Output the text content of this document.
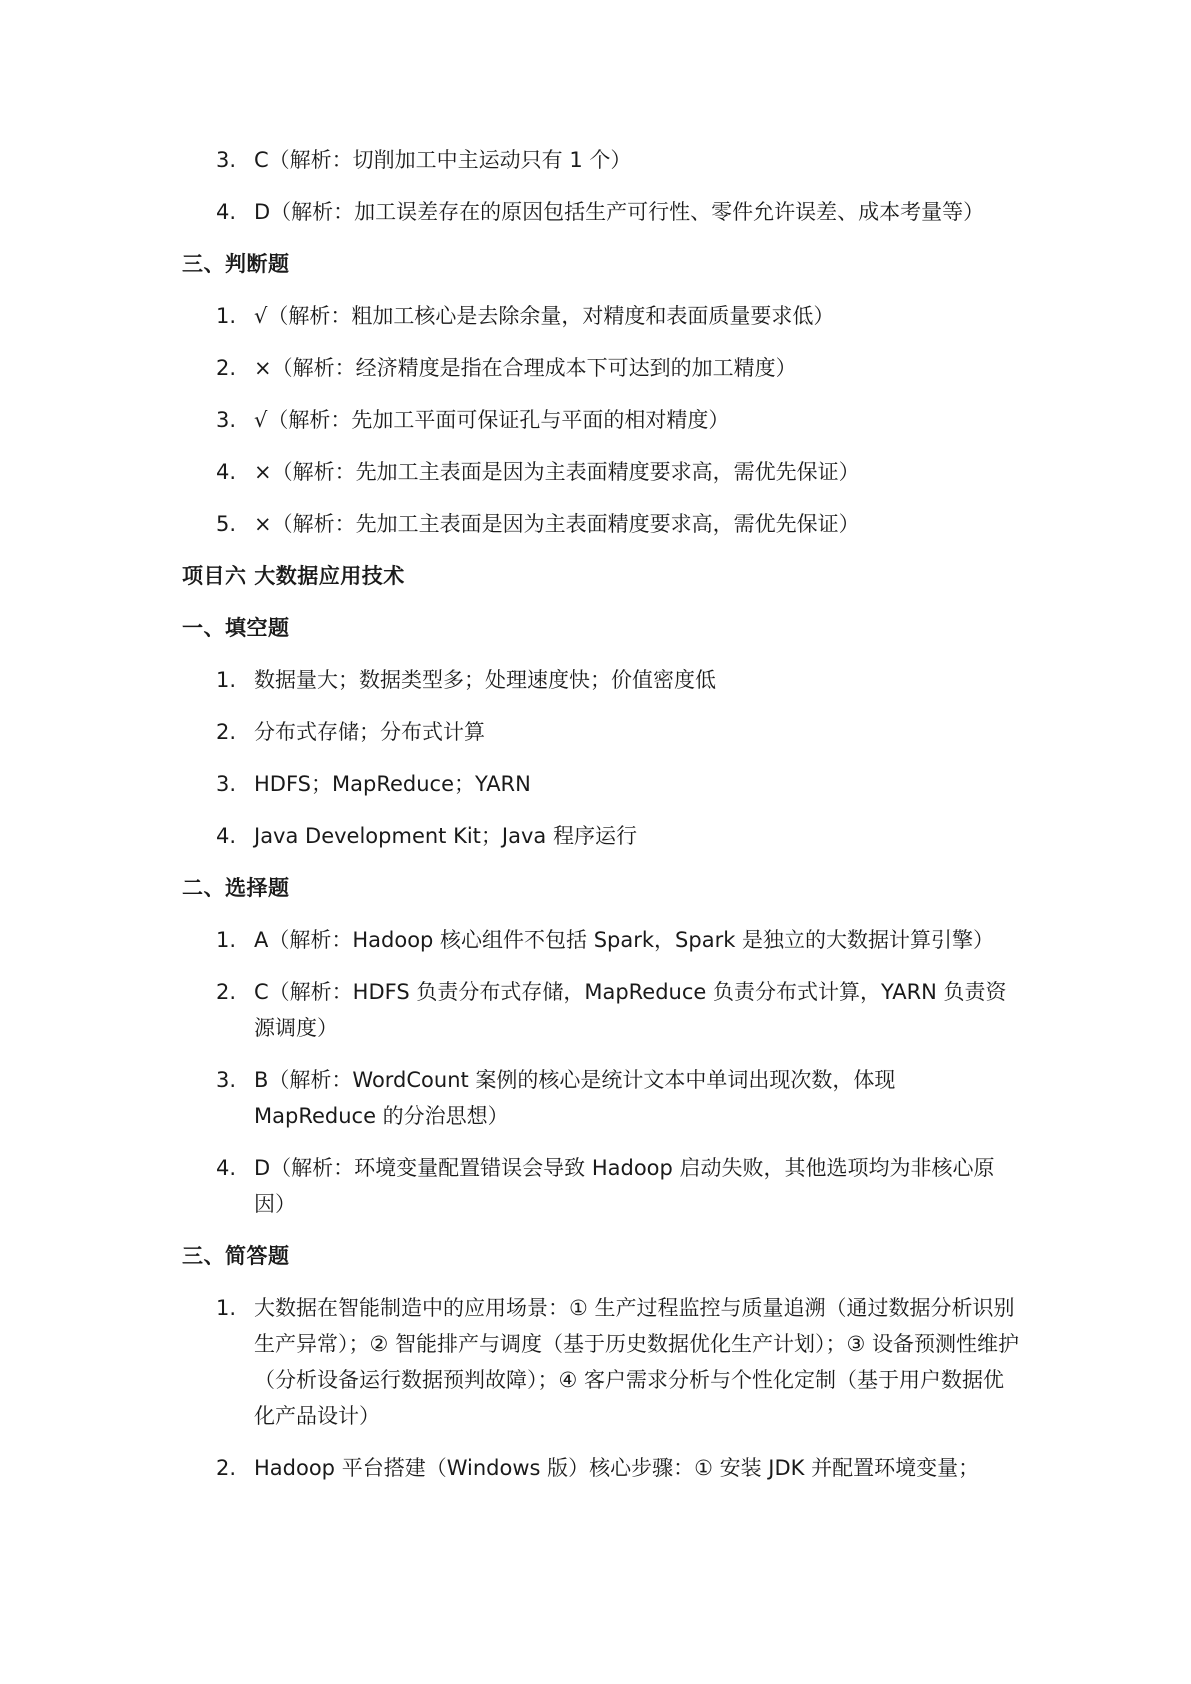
3. C（解析：切削加工中主运动只有 1 个）
4. D（解析：加工误差存在的原因包括生产可行性、零件允许误差、成本考量等）
三、判断题
1. √（解析：粗加工核心是去除余量，对精度和表面质量要求低）
2. ×（解析：经济精度是指在合理成本下可达到的加工精度）
3. √（解析：先加工平面可保证孔与平面的相对精度）
4. ×（解析：先加工主表面是因为主表面精度要求高，需优先保证）
5. ×（解析：先加工主表面是因为主表面精度要求高，需优先保证）
项目六 大数据应用技术
一、填空题
1. 数据量大；数据类型多；处理速度快；价值密度低
2. 分布式存储；分布式计算
3. HDFS；MapReduce；YARN
4. Java Development Kit；Java 程序运行
二、选择题
1. A（解析：Hadoop 核心组件不包括 Spark，Spark 是独立的大数据计算引擎）
2. C（解析：HDFS 负责分布式存储，MapReduce 负责分布式计算，YARN 负责资源调度）
3. B（解析：WordCount 案例的核心是统计文本中单词出现次数，体现 MapReduce 的分治思想）
4. D（解析：环境变量配置错误会导致 Hadoop 启动失败，其他选项均为非核心原因）
三、简答题
1. 大数据在智能制造中的应用场景：① 生产过程监控与质量追溯（通过数据分析识别生产异常）；② 智能排产与调度（基于历史数据优化生产计划）；③ 设备预测性维护（分析设备运行数据预判故障）；④ 客户需求分析与个性化定制（基于用户数据优化产品设计）
2. Hadoop 平台搭建（Windows 版）核心步骤：① 安装 JDK 并配置环境变量；
